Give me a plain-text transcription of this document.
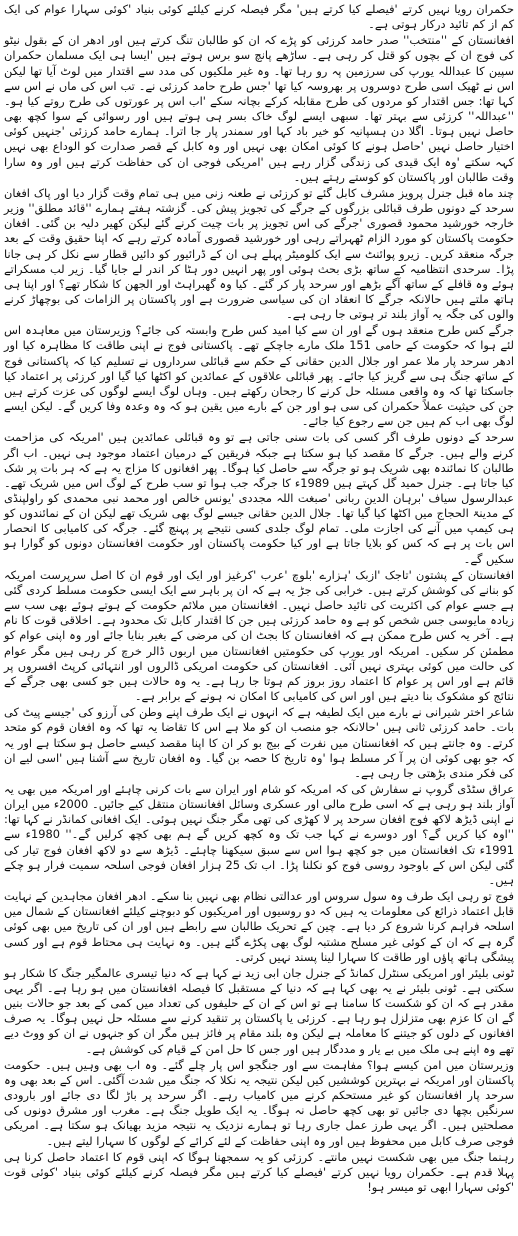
حکمران رویا نہیں کرتے 'فیصلے کیا کرتے ہیں' مگر فیصلہ کرنے کیلئے کوئی بنیاد 'کوئی سہارا عوام کی ایک کم از کم تائید درکار ہوتی ہے۔

افغانستان کے ''منتخب'' صدر حامد کرزئی کو پڑے کہ ان کو طالبان تنگ کرتے ہیں اور ادھر ان کے بقول نیٹو کی فوج ان کے بچوں کو قتل کر رہی ہے۔ ساڑھے پانچ سو برس ہوتے ہیں 'ایسا ہی ایک مسلمان حکمران سپین کا عبداللہ یورپ کی سرزمین پہ رو رہا تھا۔ وہ غیر ملکیوں کی مدد سے اقتدار میں لوٹ آیا تھا لیکن اس نے ٹھیک اسی طرح دوسروں پر بھروسہ کیا تھا 'جس طرح حامد کرزئی نے۔ تب اس کی ماں نے اس سے کہا تھا: جس اقتدار کو مردوں کی طرح مقابلہ کرکے بچانہ سکے 'اب اس پر عورتوں کی طرح روتے کیا ہو۔ ''عبداللہ'' کرزئی سے بہتر تھا۔ سبھی ایسے لوگ خاک بسر ہی ہوتے ہیں اور رسوائی کے سوا کچھ بھی حاصل نہیں ہوتا۔ اگلا دن ہسپانیہ کو خیر باد کہا اور سمندر پار جا اترا۔ ہمارے حامد کرزئی 'جنہیں کوئی اختیار حاصل نہیں 'حاصل ہونے کا کوئی امکان بھی نہیں اور وہ کابل کے قصر صدارت کو الوداع بھی نہیں کہہ سکتے 'وہ ایک قیدی کی زندگی گزار رہے ہیں 'امریکی فوجی ان کی حفاظت کرتے ہیں اور وہ سارا وقت طالبان اور پاکستان کو کوستے رہتے ہیں۔

چند ماہ قبل جنرل پرویز مشرف کابل گئے تو کرزئی نے طعنہ زنی میں ہی تمام وقت گزار دیا اور پاک افغان سرحد کے دونوں طرف قبائلی بزرگوں کے جرگے کی تجویز پیش کی۔ گزشتہ ہفتے ہمارے ''قائد مطلق'' وزیر خارجہ خورشید محمود قصوری 'جرگے کی اس تجویز پر بات چیت کرنے گئے لیکن کھیر دلیہ بن گئی۔ افغان حکومت پاکستان کو مورد الزام ٹھہراتے رہی اور خورشید قصوری آمادہ کرتے رہے کہ اپنا حقیق وقت کے بعد جرگہ منعقد کریں۔ زیرو پوائنٹ سے ایک کلومیٹر پہلے ہی ان کے ڈرائیور کو دائیں قطار سے نکل کر ہی جانا پڑا۔ سرحدی انتظامیہ کے ساتھ بڑی بحث ہوئی اور پھر انہیں دور ہٹا کر اندر لے جایا گیا۔ زیر لب مسکراتے ہوئے وہ قافلے کے ساتھ آگے بڑھے اور سرحد پار کر گئے۔ کیا وہ گھبراہٹ اور الجھن کا شکار تھے؟ اور اپنا ہی ہاتھ ملتے ہیں حالانکہ جرگے کا انعقاد ان کی سیاسی ضرورت ہے اور پاکستان پر الزامات کی بوچھاڑ کرنے والوں کی جگہ یہ آواز بلند تر ہوتی جا رہی ہے۔

جرگے کس طرح منعقد ہوں گے اور ان سے کیا امید کس طرح وابستہ کی جائے؟ وزیرستان میں معاہدہ اس لئے ہوا کہ حکومت کے حامی 151 ملک مارے جاچکے تھے۔ پاکستانی فوج نے اپنی طاقت کا مظاہرہ کیا اور ادھر سرحد پار ملا عمر اور جلال الدین حقانی کے حکم سے قبائلی سرداروں نے تسلیم کیا کہ پاکستانی فوج کے ساتھ جنگ ہی سے گریز کیا جائے۔ پھر قبائلی علاقوں کے عمائدین کو اکٹھا کیا گیا اور کرزئی پر اعتماد کیا جاسکتا تھا کہ وہ واقعی مسئلہ حل کرنے کا رجحان رکھتے ہیں۔ وہاں لوگ ایسے لوگوں کی عزت کرتے ہیں جن کی حیثیت عملاً حکمران کی سی ہو اور جن کے بارے میں یقین ہو کہ وہ وعدہ وفا کریں گے۔ لیکن ایسے لوگ بھی اب کم ہیں جن سے رجوع کیا جائے۔

سرحد کے دونوں طرف اگر کسی کی بات سنی جاتی ہے تو وہ قبائلی عمائدین ہیں 'امریکہ کی مزاحمت کرنے والے ہیں۔ جرگے کا مقصد کیا ہو سکتا ہے جبکہ فریقین کے درمیان اعتماد موجود ہی نہیں۔ اب اگر طالبان کا نمائندہ بھی شریک ہو تو جرگہ سے حاصل کیا ہوگا۔ پھر افغانوں کا مزاج یہ ہے کہ ہر بات پر شک کیا جاتا ہے۔ جنرل حمید گل کہتے ہیں 1989ء کا جرگہ جب ہوا تو سب طرح کے لوگ اس میں شریک تھے۔ عبدالرسول سیاف 'برہان الدین ربانی 'صبغت اللہ مجددی 'یونس خالص اور محمد نبی محمدی کو راولپنڈی کے مدینۃ الحجاج میں اکٹھا کیا گیا تھا۔ جلال الدین حقانی جیسے لوگ بھی شریک تھے لیکن ان کے نمائندوں کو ہی کیمپ میں آنے کی اجازت ملی۔ تمام لوگ جلدی کسی نتیجے پر پہنچ گئے۔ جرگہ کی کامیابی کا انحصار اس بات پر ہے کہ کس کو بلایا جاتا ہے اور کیا حکومت پاکستان اور حکومت افغانستان دونوں کو گوارا ہو سکیں گے۔

افغانستان کے پشتون 'تاجک 'ازبک 'ہزارے 'بلوچ 'عرب 'کرغیز اور ایک اور قوم ان کا اصل سرپرست امریکہ کو بنانے کی کوشش کرتے ہیں۔ خرابی کی جڑ یہ ہے کہ ان پر باہر سے ایک ایسی حکومت مسلط کردی گئی ہے جسے عوام کی اکثریت کی تائید حاصل نہیں۔ افغانستان میں ملائم حکومت کے ہوتے ہوئے بھی سب سے زیادہ مایوسی جس شخص کو ہے وہ حامد کرزئی ہیں جن کا اقتدار کابل تک محدود ہے۔ اخلاقی قوت کا نام ہے۔ آخر یہ کس طرح ممکن ہے کہ افغانستان کا بجٹ ان کی مرضی کے بغیر بنایا جائے اور وہ اپنی عوام کو مطمئن کر سکیں۔ امریکہ اور یورپ کی حکومتیں افغانستان میں اربوں ڈالر خرچ کر رہی ہیں مگر عوام کی حالت میں کوئی بہتری نہیں آئی۔ افغانستان کی حکومت امریکی ڈالروں اور انتہائی کرپٹ افسروں پر قائم ہے اور اس پر عوام کا اعتماد روز بروز کم ہوتا جا رہا ہے۔ یہ وہ حالات ہیں جو کسی بھی جرگے کے نتائج کو مشکوک بنا دیتے ہیں اور اس کی کامیابی کا امکان نہ ہونے کے برابر ہے۔

شاعر اختر شیرانی نے بارے میں ایک لطیفہ ہے کہ انہوں نے ایک طرف اپنے وطن کی آرزو کی 'جیسے پیٹ کی بات۔ حامد کرزئی ثانی ہیں 'حالانکہ جو منصب ان کو ملا ہے اس کا تقاضا یہ تھا کہ وہ افغان قوم کو متحد کرتے۔ وہ جانتے ہیں کہ افغانستان میں نفرت کے بیج بو کر ان کا اپنا مقصد کیسے حاصل ہو سکتا ہے اور یہ کہ جو بھی کوئی ان پر آ کر مسلط ہوا 'وہ تاریخ کا حصہ بن گیا۔ وہ افغان تاریخ سے آشنا ہیں 'اسی لیے ان کی فکر مندی بڑھتی جا رہی ہے۔

عراق سٹڈی گروپ نے سفارش کی کہ امریکہ کو شام اور ایران سے بات کرنی چاہئے اور امریکہ میں بھی یہ آواز بلند ہو رہی ہے کہ اسی طرح مالی اور عسکری وسائل افغانستان منتقل کیے جائیں۔ 2000ء میں ایران نے اپنی ڈیڑھ لاکھ فوج افغان سرحد پر لا کھڑی کی تھی مگر جنگ نہیں ہوئی۔ ایک افغانی کمانڈر نے کہا تھا: ''اوہ کیا کریں گے؟ اور دوسرے نے کہا جب تک وہ کچھ کریں گے ہم بھی کچھ کرلیں گے۔'' 1980ء سے 1991ء تک افغانستان میں جو کچھ ہوا اس سے سبق سیکھنا چاہئے۔ ڈیڑھ سے دو لاکھ افغان فوج تیار کی گئی لیکن اس کے باوجود روسی فوج کو نکلنا پڑا۔ اب تک 25 ہزار افغان فوجی اسلحہ سمیت فرار ہو چکے ہیں۔

فوج تو رہی ایک طرف وہ سول سروس اور عدالتی نظام بھی نہیں بنا سکے۔ ادھر افغان مجاہدین کے نہایت قابل اعتماد ذرائع کی معلومات یہ ہیں کہ دو روسیوں اور امریکیوں کو دبوچنے کیلئے افغانستان کے شمال میں اسلحہ فراہم کرنا شروع کر دیا ہے۔ چین کے تحریک طالبان سے رابطے ہیں اور ان کی تاریخ میں بھی کوئی گرہ ہے کہ ان کے کوئی غیر مسلح مشتبہ لوگ بھی پکڑے گئے ہیں۔ وہ نہایت ہی محتاط قوم ہے اور کسی پیشگی ہاتھ پاؤں اور طاقت کا سہارا لینا پسند نہیں کرتی۔

ٹونی بلیئر اور امریکی سنٹرل کمانڈ کے جنرل جان ابی زید نے کہا ہے کہ دنیا تیسری عالمگیر جنگ کا شکار ہو سکتی ہے۔ ٹونی بلیئر نے یہ بھی کہا ہے کہ دنیا کے مستقبل کا فیصلہ افغانستان میں ہو رہا ہے۔ اگر یہی مقدر ہے کہ ان کو شکست کا سامنا ہے تو اس کے ان کے حلیفوں کی تعداد میں کمی کے بعد جو حالات بنیں گے ان کا عزم بھی متزلزل ہو رہا ہے۔ کرزئی یا پاکستان پر تنقید کرنے سے مسئلہ حل نہیں ہوگا۔ یہ صرف افغانوں کے دلوں کو جیتنے کا معاملہ ہے لیکن وہ بلند مقام پر فائز ہیں مگر ان کو جنہوں نے ان کو ووٹ دیے تھے وہ اپنے ہی ملک میں بے یار و مددگار ہیں اور جس کا حل امن کے قیام کی کوشش ہے۔

وزیرستان میں امن کیسے ہوا؟ مفاہمت سے اور جنگجو اس پار چلے گئے۔ وہ اب بھی وہیں ہیں۔ حکومت پاکستان اور امریکہ نے بہترین کوششیں کیں لیکن نتیجہ یہ نکلا کہ جنگ میں شدت آگئی۔ اس کے بعد بھی وہ سرحد پار افغانستان کو غیر مستحکم کرنے میں کامیاب رہے۔ اگر سرحد پر باڑ لگا دی جائے اور بارودی سرنگیں بچھا دی جائیں تو بھی کچھ حاصل نہ ہوگا۔ یہ ایک طویل جنگ ہے۔ مغرب اور مشرق دونوں کی مصلحتیں ہیں۔ اگر یہی طرز عمل جاری رہا تو ہمارے نزدیک یہ نتیجہ مزید بھیانک ہو سکتا ہے۔ امریکی فوجی صرف کابل میں محفوظ ہیں اور وہ اپنی حفاظت کے لئے کرائے کے لوگوں کا سہارا لیتے ہیں۔

رہنما جنگ میں بھی شکست نہیں مانتے۔ کرزئی کو یہ سمجھنا ہوگا کہ اپنی قوم کا اعتماد حاصل کرنا ہی پہلا قدم ہے۔ حکمران رویا نہیں کرتے 'فیصلے کیا کرتے ہیں مگر فیصلہ کرنے کیلئے کوئی بنیاد 'کوئی قوت 'کوئی سہارا ابھی تو میسر ہو!
